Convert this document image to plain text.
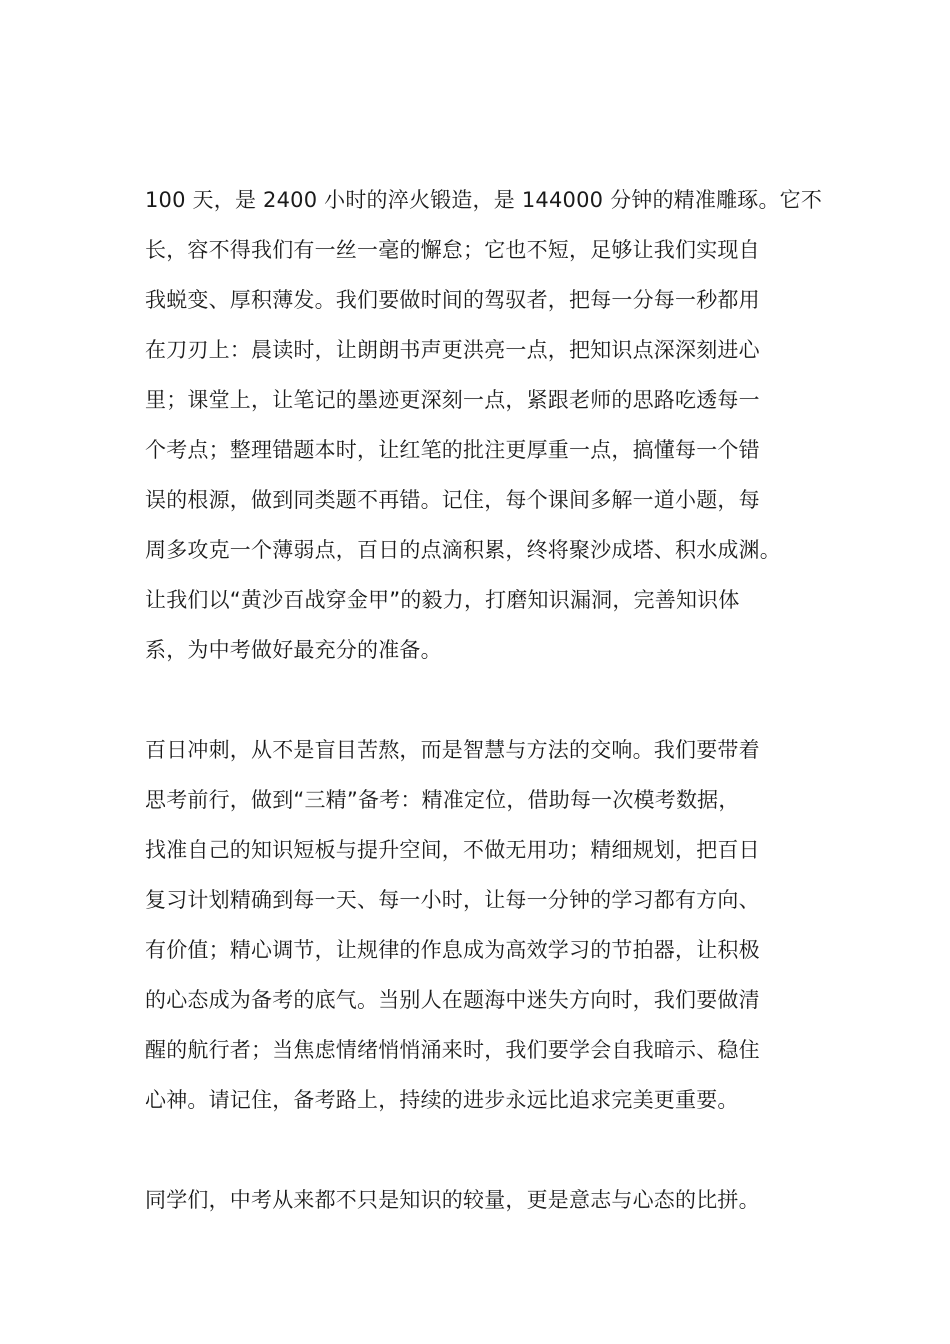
100 天，是 2400 小时的淬火锻造，是 144000 分钟的精准雕琢。它不
长，容不得我们有一丝一毫的懈怠；它也不短，足够让我们实现自
我蜕变、厚积薄发。我们要做时间的驾驭者，把每一分每一秒都用
在刀刃上：晨读时，让朗朗书声更洪亮一点，把知识点深深刻进心
里；课堂上，让笔记的墨迹更深刻一点，紧跟老师的思路吃透每一
个考点；整理错题本时，让红笔的批注更厚重一点，搞懂每一个错
误的根源，做到同类题不再错。记住，每个课间多解一道小题，每
周多攻克一个薄弱点，百日的点滴积累，终将聚沙成塔、积水成渊。
让我们以“黄沙百战穿金甲”的毅力，打磨知识漏洞，完善知识体
系，为中考做好最充分的准备。
百日冲刺，从不是盲目苦熬，而是智慧与方法的交响。我们要带着
思考前行，做到“三精”备考：精准定位，借助每一次模考数据，
找准自己的知识短板与提升空间，不做无用功；精细规划，把百日
复习计划精确到每一天、每一小时，让每一分钟的学习都有方向、
有价值；精心调节，让规律的作息成为高效学习的节拍器，让积极
的心态成为备考的底气。当别人在题海中迷失方向时，我们要做清
醒的航行者；当焦虑情绪悄悄涌来时，我们要学会自我暗示、稳住
心神。请记住，备考路上，持续的进步永远比追求完美更重要。
同学们，中考从来都不只是知识的较量，更是意志与心态的比拼。
